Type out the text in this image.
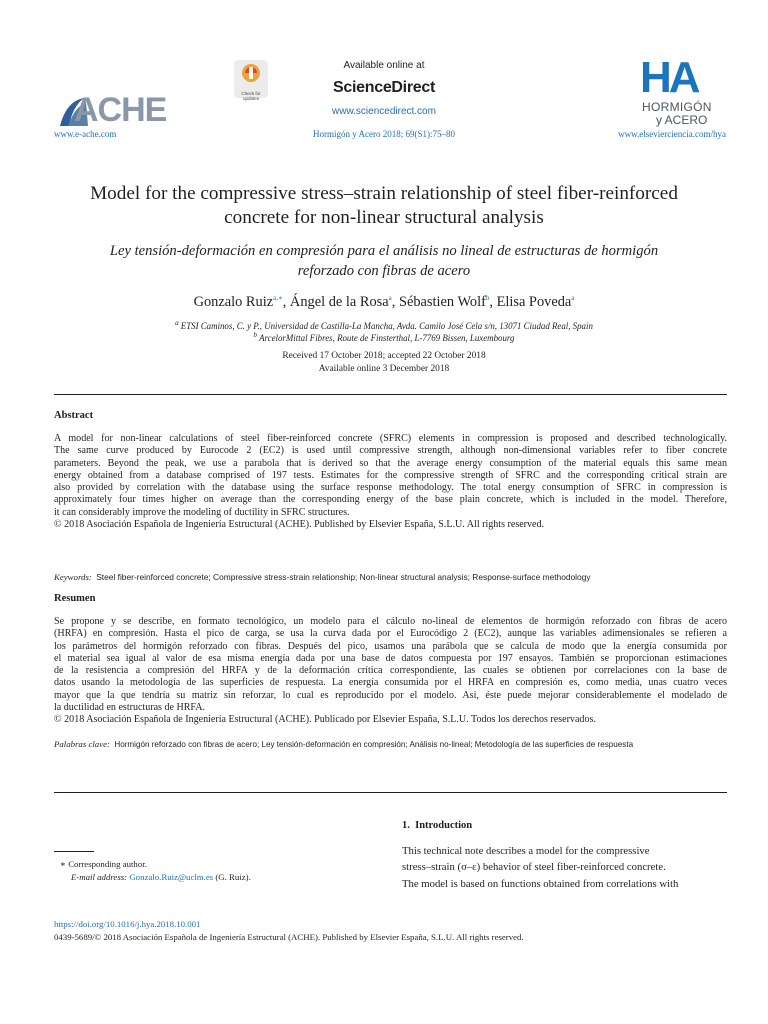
ACHE
www.e-ache.com
Check for updates
Available online at
ScienceDirect
www.sciencedirect.com
Hormigón y Acero 2018; 69(S1):75–80
HA
HORMIGÓN
y ACERO
www.elsevierciencia.com/hya
Model for the compressive stress–strain relationship of steel fiber-reinforced
concrete for non-linear structural analysis
Ley tensión-deformación en compresión para el análisis no lineal de estructuras de hormigón
reforzado con fibras de acero
Gonzalo Ruiz$^{a,∗}$, Ángel de la Rosa$^a$, Sébastien Wolf$^b$, Elisa Poveda$^a$
$^a$ ETSI Caminos, C. y P., Universidad de Castilla-La Mancha, Avda. Camilo José Cela s/n, 13071 Ciudad Real, Spain
$^b$ ArcelorMittal Fibres, Route de Finsterthal, L-7769 Bissen, Luxembourg
Received 17 October 2018; accepted 22 October 2018
Available online 3 December 2018
Abstract
A model for non-linear calculations of steel fiber-reinforced concrete (SFRC) elements in compression is proposed and described technologically.
The same curve produced by Eurocode 2 (EC2) is used until compressive strength, although non-dimensional variables refer to fiber concrete
parameters. Beyond the peak, we use a parabola that is derived so that the average energy consumption of the material equals this same mean
energy obtained from a database comprised of 197 tests. Estimates for the compressive strength of SFRC and the corresponding critical strain are
also provided by correlation with the database using the surface response methodology. The total energy consumption of SFRC in compression is
approximately four times higher on average than the corresponding energy of the base plain concrete, which is included in the model. Therefore,
it can considerably improve the modeling of ductility in SFRC structures.
© 2018 Asociación Española de Ingeniería Estructural (ACHE). Published by Elsevier España, S.L.U. All rights reserved.
Keywords: Steel fiber-reinforced concrete; Compressive stress-strain relationship; Non-linear structural analysis; Response-surface methodology
Resumen
Se propone y se describe, en formato tecnológico, un modelo para el cálculo no-lineal de elementos de hormigón reforzado con fibras de acero
(HRFA) en compresión. Hasta el pico de carga, se usa la curva dada por el Eurocódigo 2 (EC2), aunque las variables adimensionales se refieren a
los parámetros del hormigón reforzado con fibras. Después del pico, usamos una parábola que se calcula de modo que la energía consumida por
el material sea igual al valor de esa misma energía dada por una base de datos compuesta por 197 ensayos. También se proporcionan estimaciones
de la resistencia a compresión del HRFA y de la deformación crítica correspondiente, las cuales se obtienen por correlaciones con la base de
datos usando la metodología de las superficies de respuesta. La energía consumida por el HRFA en compresión es, como media, unas cuatro veces
mayor que la que tendría su matriz sin reforzar, lo cual es reproducido por el modelo. Así, éste puede mejorar considerablemente el modelado de
la ductilidad en estructuras de HRFA.
© 2018 Asociación Española de Ingeniería Estructural (ACHE). Publicado por Elsevier España, S.L.U. Todos los derechos reservados.
Palabras clave: Hormigón reforzado con fibras de acero; Ley tensión-deformación en compresión; Análisis no-lineal; Metodología de las superficies de respuesta
1.  Introduction
This technical note describes a model for the compressive
stress–strain (σ–ε) behavior of steel fiber-reinforced concrete.
The model is based on functions obtained from correlations with
∗ Corresponding author.
E-mail address: Gonzalo.Ruiz@uclm.es (G. Ruiz).
https://doi.org/10.1016/j.hya.2018.10.001
0439-5689/© 2018 Asociación Española de Ingeniería Estructural (ACHE). Published by Elsevier España, S.L.U. All rights reserved.
